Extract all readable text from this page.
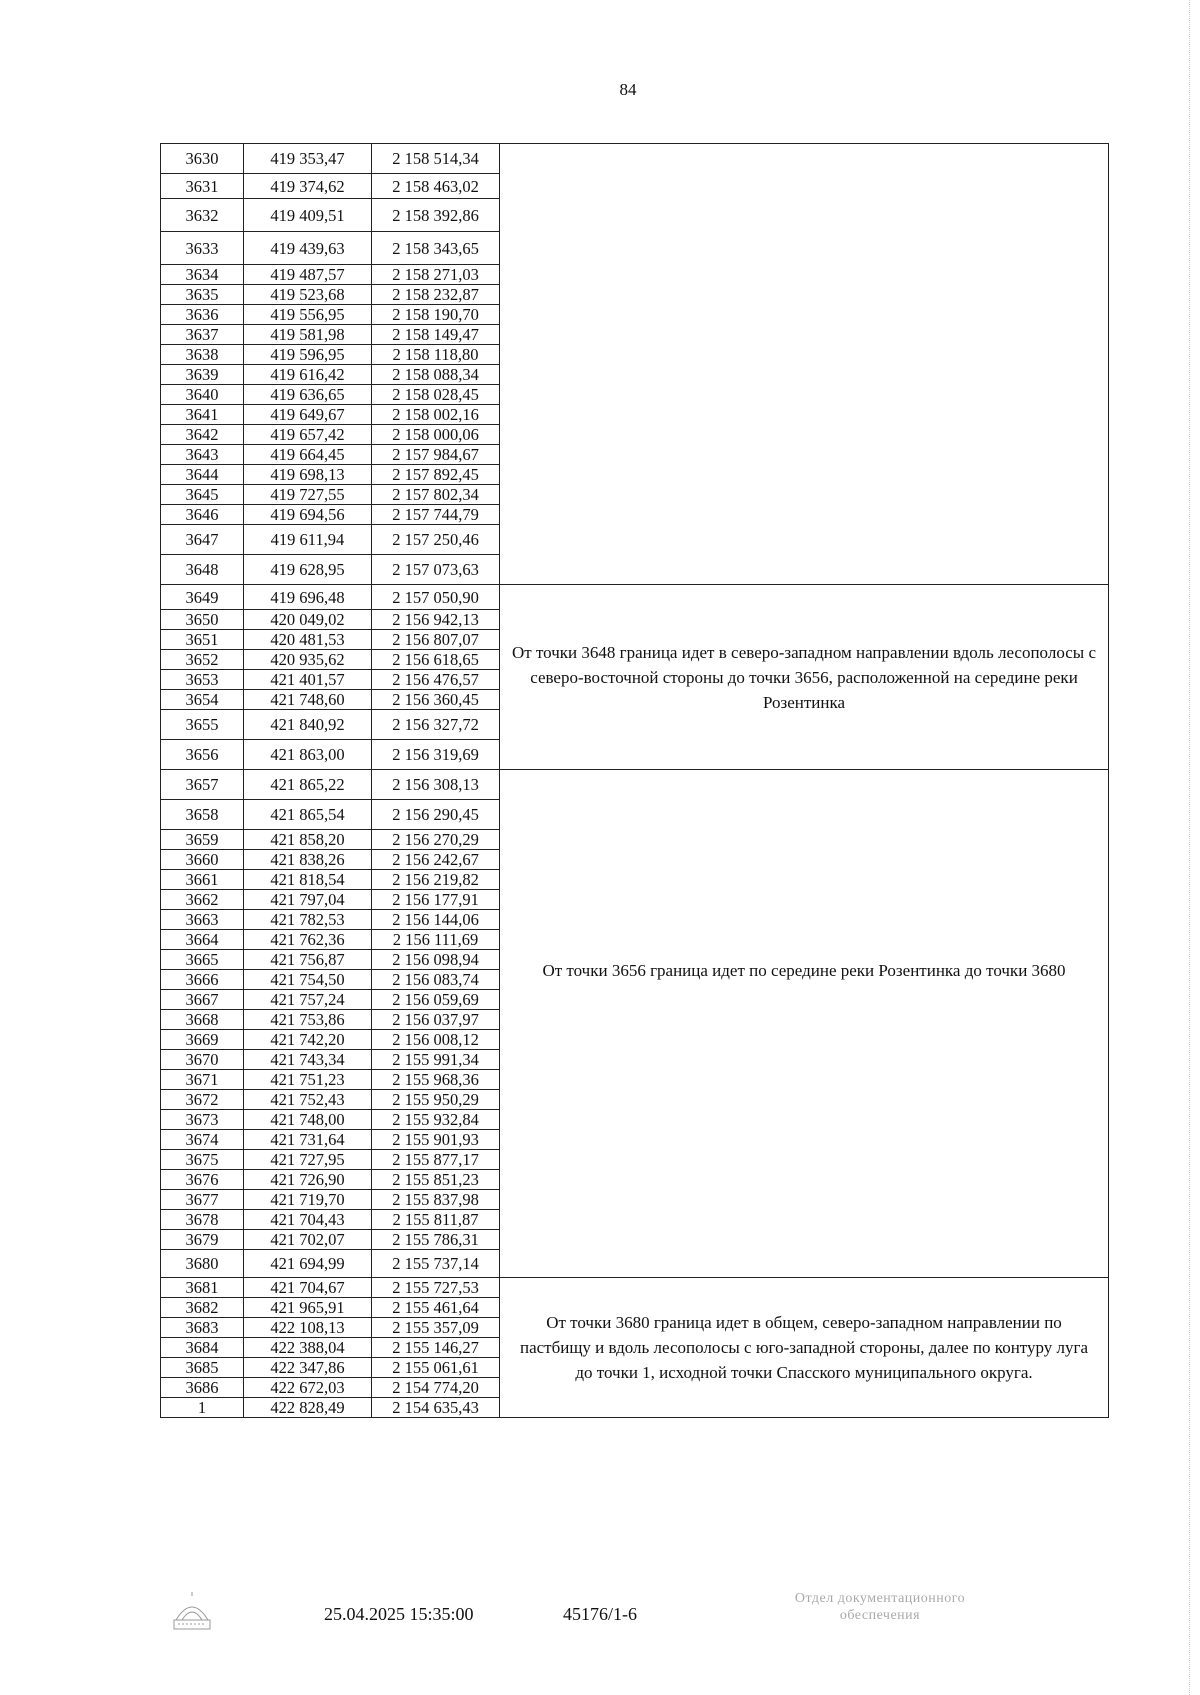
84
3630	419 353,47	2 158 514,34	

3631	419 374,62	2 158 463,02	
3632	419 409,51	2 158 392,86	
3633	419 439,63	2 158 343,65	
3634	419 487,57	2 158 271,03	
3635	419 523,68	2 158 232,87	
3636	419 556,95	2 158 190,70	
3637	419 581,98	2 158 149,47	
3638	419 596,95	2 158 118,80	
3639	419 616,42	2 158 088,34	
3640	419 636,65	2 158 028,45	
3641	419 649,67	2 158 002,16	
3642	419 657,42	2 158 000,06	
3643	419 664,45	2 157 984,67	
3644	419 698,13	2 157 892,45	
3645	419 727,55	2 157 802,34	
3646	419 694,56	2 157 744,79	
3647	419 611,94	2 157 250,46	
3648	419 628,95	2 157 073,63	
3649	419 696,48	2 157 050,90	От точки 3648 граница идет в северо-западном направлении вдоль лесополосы с северо-восточной стороны до точки 3656, расположенной на середине реки Розентинка

3650	420 049,02	2 156 942,13	
3651	420 481,53	2 156 807,07	
3652	420 935,62	2 156 618,65	
3653	421 401,57	2 156 476,57	
3654	421 748,60	2 156 360,45	
3655	421 840,92	2 156 327,72	
3656	421 863,00	2 156 319,69	
3657	421 865,22	2 156 308,13	От точки 3656 граница идет по середине реки Розентинка до точки 3680

3658	421 865,54	2 156 290,45	
3659	421 858,20	2 156 270,29	
3660	421 838,26	2 156 242,67	
3661	421 818,54	2 156 219,82	
3662	421 797,04	2 156 177,91	
3663	421 782,53	2 156 144,06	
3664	421 762,36	2 156 111,69	
3665	421 756,87	2 156 098,94	
3666	421 754,50	2 156 083,74	
3667	421 757,24	2 156 059,69	
3668	421 753,86	2 156 037,97	
3669	421 742,20	2 156 008,12	
3670	421 743,34	2 155 991,34	
3671	421 751,23	2 155 968,36	
3672	421 752,43	2 155 950,29	
3673	421 748,00	2 155 932,84	
3674	421 731,64	2 155 901,93	
3675	421 727,95	2 155 877,17	
3676	421 726,90	2 155 851,23	
3677	421 719,70	2 155 837,98	
3678	421 704,43	2 155 811,87	
3679	421 702,07	2 155 786,31	
3680	421 694,99	2 155 737,14	
3681	421 704,67	2 155 727,53	От точки 3680 граница идет в общем, северо-западном направлении по пастбищу и вдоль лесополосы с юго-западной стороны, далее по контуру луга до точки 1, исходной точки Спасского муниципального округа.

3682	421 965,91	2 155 461,64	
3683	422 108,13	2 155 357,09	
3684	422 388,04	2 155 146,27	
3685	422 347,86	2 155 061,61	
3686	422 672,03	2 154 774,20	
1	422 828,49	2 154 635,43	
25.04.2025 15:35:00	45176/1-6
Отдел документационного
обеспечения
